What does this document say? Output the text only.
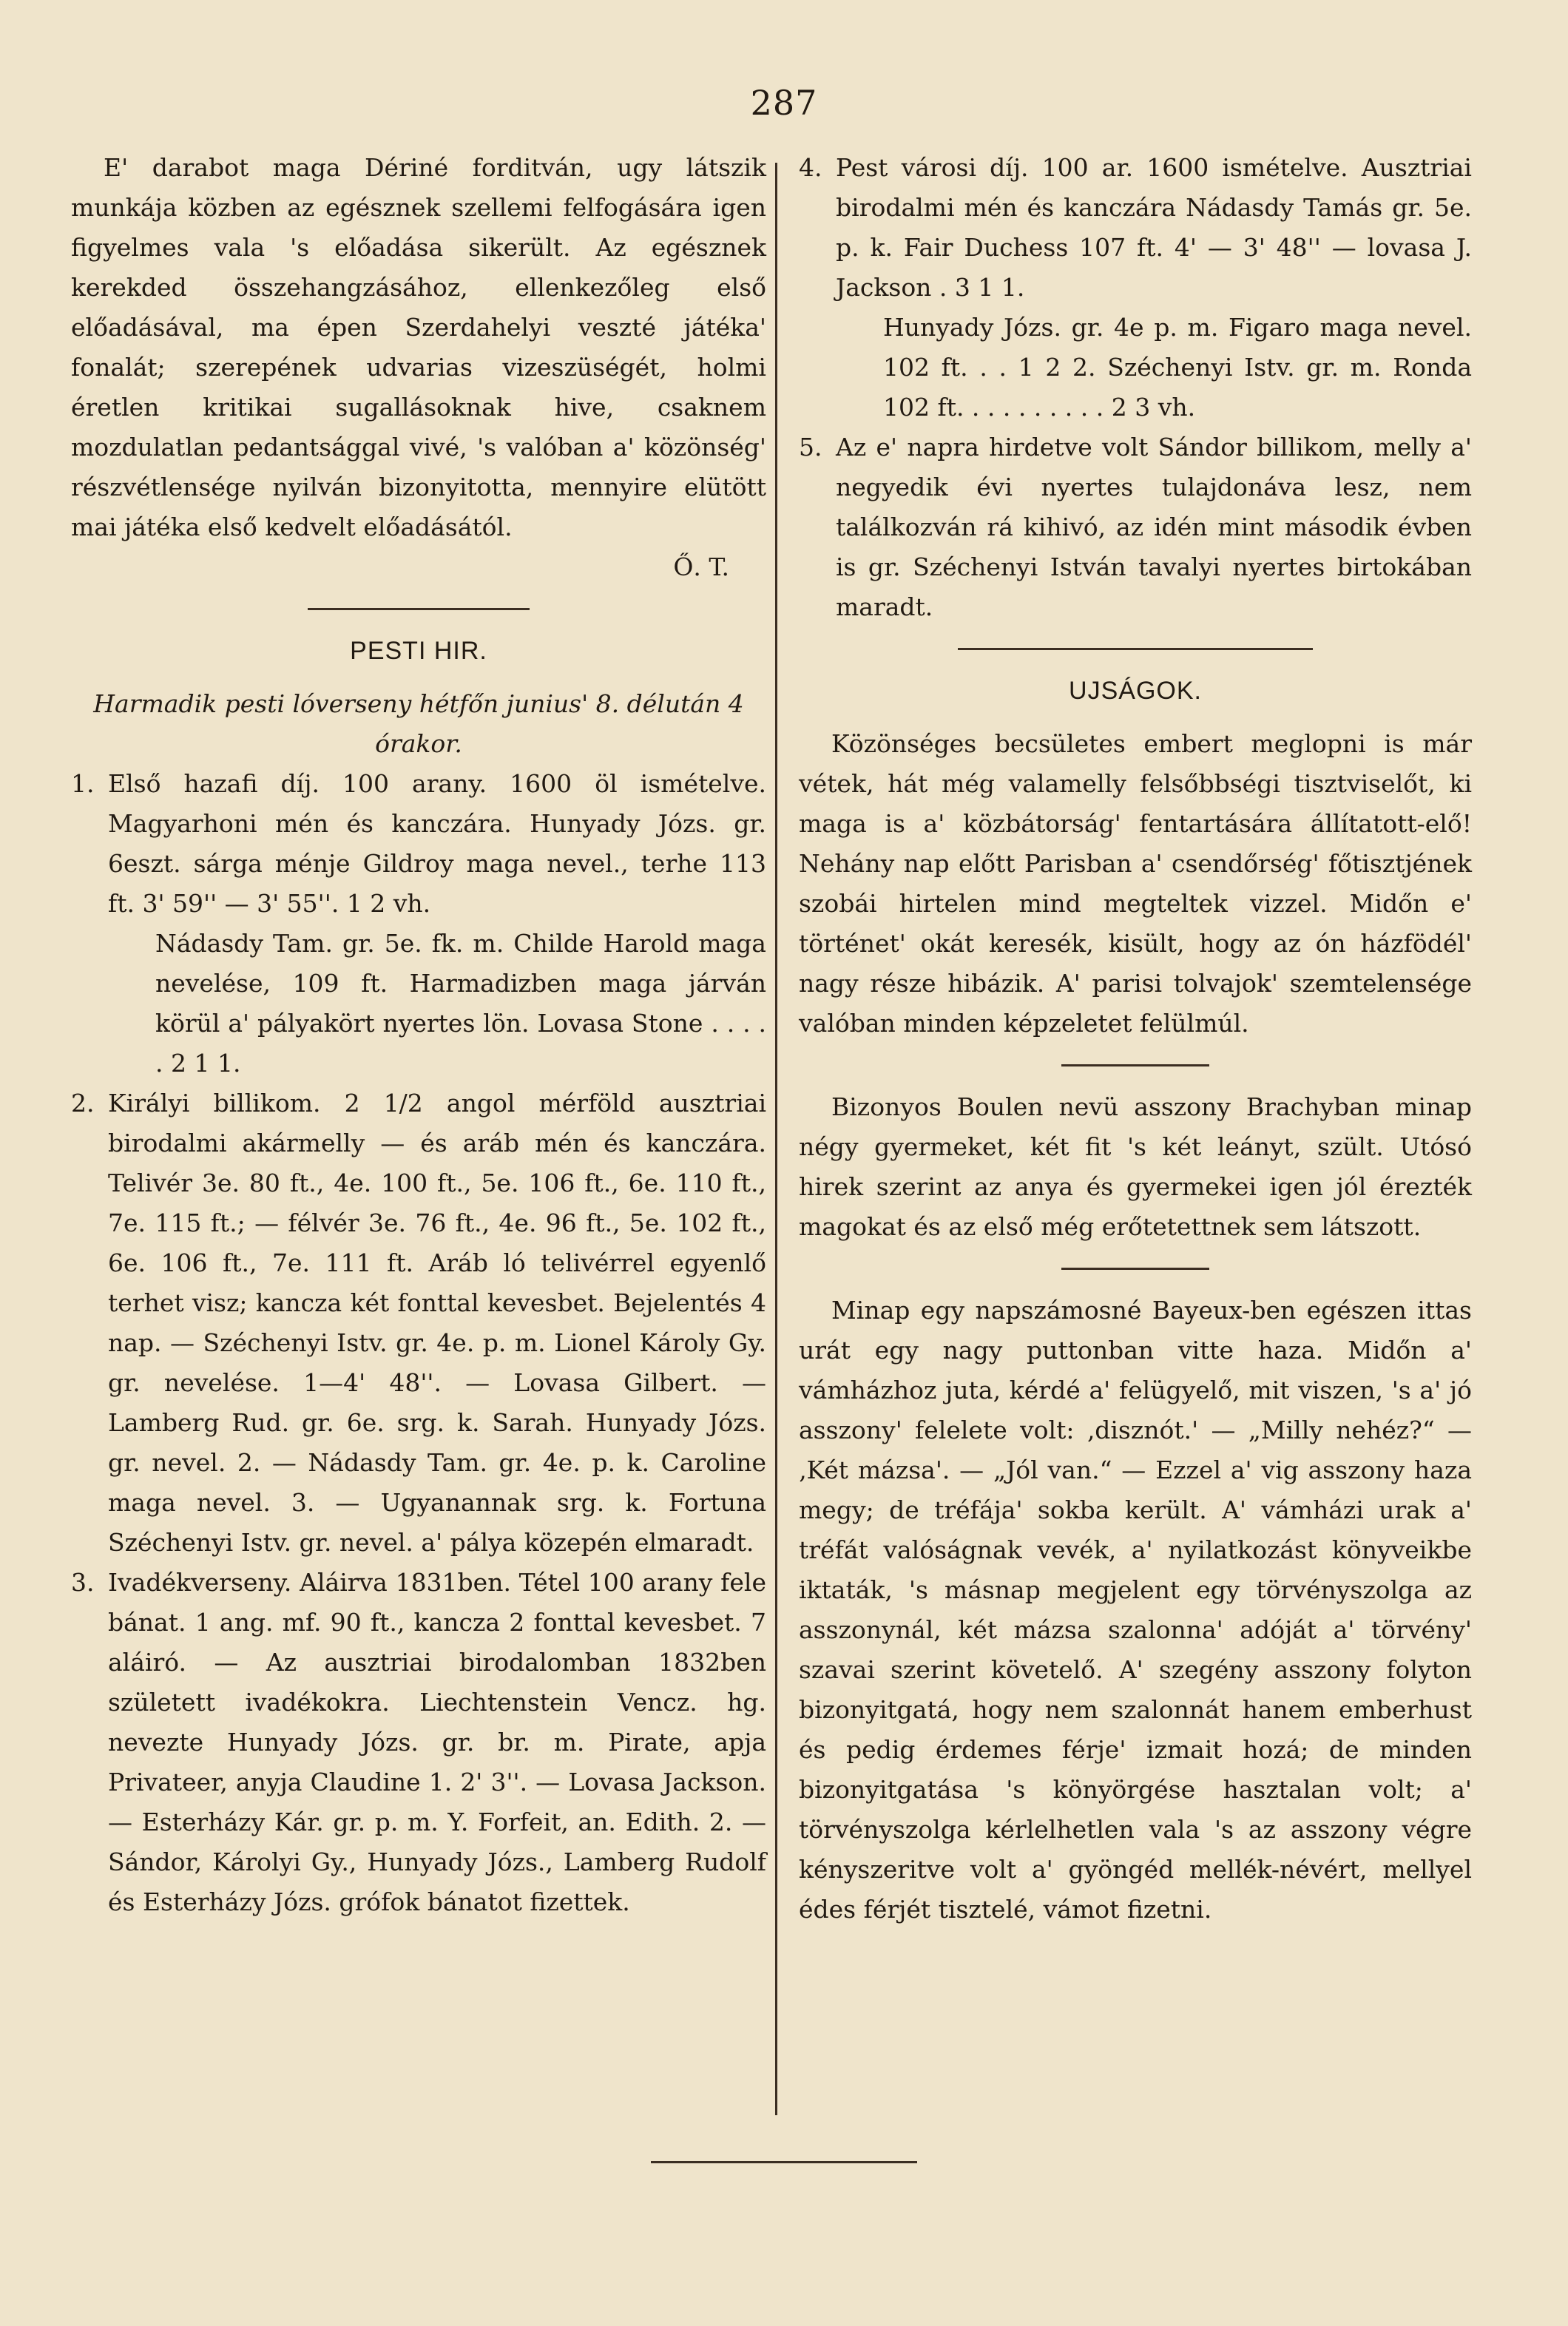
287

E' darabot maga Dériné forditván, ugy látszik munkája közben az egésznek szellemi felfogására igen figyelmes vala 's előadása sikerült. Az egésznek kerekded összehangzásához, ellenkezőleg első előadásával, ma épen Szerdahelyi veszté játéka' fonalát; szerepének udvarias vizeszüségét, holmi éretlen kritikai sugallásoknak hive, csaknem mozdulatlan pedantsággal vivé, 's valóban a' közönség' részvétlensége nyilván bizonyitotta, mennyire elütött mai játéka első kedvelt előadásától.

Ő. T.

PESTI HIR.

Harmadik pesti lóverseny hétfőn junius' 8. délután 4 órakor.

1. Első hazafi díj. 100 arany. 1600 öl ismételve. Magyarhoni mén és kanczára. Hunyady Józs. gr. 6eszt. sárga ménje Gildroy maga nevel., terhe 113 ft. 3' 59'' — 3' 55''. 1 2 vh.

Nádasdy Tam. gr. 5e. fk. m. Childe Harold maga nevelése, 109 ft. Harmadizben maga járván körül a' pályakört nyertes lön. Lovasa Stone . . . . . 2 1 1.

2. Királyi billikom. 2 1/2 angol mérföld ausztriai birodalmi akármelly — és aráb mén és kanczára. Telivér 3e. 80 ft., 4e. 100 ft., 5e. 106 ft., 6e. 110 ft., 7e. 115 ft.; — félvér 3e. 76 ft., 4e. 96 ft., 5e. 102 ft., 6e. 106 ft., 7e. 111 ft. Aráb ló telivérrel egyenlő terhet visz; kancza két fonttal kevesbet. Bejelentés 4 nap. — Széchenyi Istv. gr. 4e. p. m. Lionel Károly Gy. gr. nevelése. 1—4' 48''. — Lovasa Gilbert. — Lamberg Rud. gr. 6e. srg. k. Sarah. Hunyady Józs. gr. nevel. 2. — Nádasdy Tam. gr. 4e. p. k. Caroline maga nevel. 3. — Ugyanannak srg. k. Fortuna Széchenyi Istv. gr. nevel. a' pálya közepén elmaradt.

3. Ivadékverseny. Aláirva 1831ben. Tétel 100 arany fele bánat. 1 ang. mf. 90 ft., kancza 2 fonttal kevesbet. 7 aláiró. — Az ausztriai birodalomban 1832ben született ivadékokra. Liechtenstein Vencz. hg. nevezte Hunyady Józs. gr. br. m. Pirate, apja Privateer, anyja Claudine 1. 2' 3''. — Lovasa Jackson. — Esterházy Kár. gr. p. m. Y. Forfeit, an. Edith. 2. — Sándor, Károlyi Gy., Hunyady Józs., Lamberg Rudolf és Esterházy Józs. grófok bánatot fizettek.

4. Pest városi díj. 100 ar. 1600 ismételve. Ausztriai birodalmi mén és kanczára Nádasdy Tamás gr. 5e. p. k. Fair Duchess 107 ft. 4' — 3' 48'' — lovasa J. Jackson . 3 1 1.

Hunyady Józs. gr. 4e p. m. Figaro maga nevel. 102 ft. . . 1 2 2. Széchenyi Istv. gr. m. Ronda 102 ft. . . . . . . . . . 2 3 vh.

5. Az e' napra hirdetve volt Sándor billikom, melly a' negyedik évi nyertes tulajdonáva lesz, nem találkozván rá kihivó, az idén mint második évben is gr. Széchenyi István tavalyi nyertes birtokában maradt.

UJSÁGOK.

Közönséges becsületes embert meglopni is már vétek, hát még valamelly felsőbbségi tisztviselőt, ki maga is a' közbátorság' fentartására állítatott-elő! Nehány nap előtt Parisban a' csendőrség' főtisztjének szobái hirtelen mind megteltek vizzel. Midőn e' történet' okát keresék, kisült, hogy az ón házfödél' nagy része hibázik. A' parisi tolvajok' szemtelensége valóban minden képzeletet felülmúl.

Bizonyos Boulen nevü asszony Brachyban minap négy gyermeket, két fit 's két leányt, szült. Utósó hirek szerint az anya és gyermekei igen jól érezték magokat és az első még erőtetettnek sem látszott.

Minap egy napszámosné Bayeux-ben egészen ittas urát egy nagy puttonban vitte haza. Midőn a' vámházhoz juta, kérdé a' felügyelő, mit viszen, 's a' jó asszony' felelete volt: ‚disznót.' — „Milly nehéz?“ — ‚Két mázsa'. — „Jól van.“ — Ezzel a' vig asszony haza megy; de tréfája' sokba került. A' vámházi urak a' tréfát valóságnak vevék, a' nyilatkozást könyveikbe iktaták, 's másnap megjelent egy törvényszolga az asszonynál, két mázsa szalonna' adóját a' törvény' szavai szerint követelő. A' szegény asszony folyton bizonyitgatá, hogy nem szalonnát hanem emberhust és pedig érdemes férje' izmait hozá; de minden bizonyitgatása 's könyörgése hasztalan volt; a' törvényszolga kérlelhetlen vala 's az asszony végre kényszeritve volt a' gyöngéd mellék-névért, mellyel édes férjét tisztelé, vámot fizetni.
